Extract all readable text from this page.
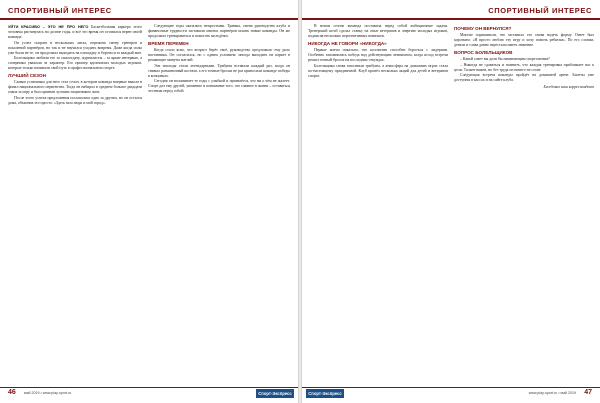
СПОРТИВНЫЙ ИНТЕРЕС

УЙТИ КРАСИВО – ЭТО НЕ ПРО НЕГО Баскетбольная карьера этого человека растянулась на долгие годы, и всё это время он оставался верен своей команде.

Он успел сыграть в нескольких лигах, пережить смену тренеров и поколений партнёров, но так и не научился уходить вовремя. Даже когда силы уже были не те, он продолжал выходить на площадку и бороться за каждый мяч.

Болельщики любили его за самоотдачу, журналисты – за яркие интервью, а соперники уважали за характер. Его пример вдохновлял молодых игроков, которые только начинали свой путь в профессиональном спорте.

ЛУЧШИЙ СЕЗОН

Самым успешным для него стал сезон, в котором команда впервые вышла в финал национального первенства. Тогда он набирал в среднем больше двадцати очков за игру и был признан лучшим защитником лиги.

После этого успеха предложения посыпались одно за другим, но он остался дома, объяснив это просто: «Здесь мои люди и мой город».

Следующие годы оказались непростыми. Травмы, смена руководства клуба и финансовые трудности заставили многих партнёров искать новые команды. Он же продолжал тренироваться и помогать молодёжи.

ВРЕМЯ ПЕРЕМЕН

Когда стало ясно, что возраст берёт своё, руководство предложило ему роль наставника. Он согласился, но с одним условием: иногда выходить на паркет в решающие минуты матчей.

Эти эпизоды стали легендарными. Трибуны вставали каждый раз, когда он снимал разминочный костюм, а его точные броски не раз приносили команде победы в концовках.

Сегодня он вспоминает те годы с улыбкой и признаётся, что ни о чём не жалеет. Спорт дал ему друзей, уважение и понимание того, что главное в жизни – оставаться честным перед собой.

46 май 2019 • www.play-sport.ru	Спорт-Экспресс
СПОРТИВНЫЙ ИНТЕРЕС

В новом сезоне команда поставила перед собой амбициозные задачи. Тренерский штаб сделал ставку на опыт ветеранов и энергию молодых игроков, подписав несколько перспективных новичков.

НИКОГДА НЕ ГОВОРИ «НИКОГДА»

Первые матчи показали, что коллектив способен бороться с лидерами. Особенно запомнилась победа над действующим чемпионом, когда исход встречи решил точный бросок на последних секундах.

Болельщики снова заполнили трибуны, а атмосфера на домашних играх стала по-настоящему праздничной. Клуб провёл несколько акций для детей и ветеранов спорта.

ПОЧЕМУ ОН ВЕРНУЛСЯ?

Многие спрашивали, что заставило его снова надеть форму. Ответ был коротким: «Я просто люблю эту игру и хочу помочь ребятам». По его словам, деньги и слава давно перестали иметь значение.

ВОПРОС БОЛЕЛЬЩИКОВ

– Какой совет вы дали бы начинающим спортсменам?

– Никогда не сдаваться и помнить, что каждая тренировка приближает вас к цели. Талант важен, но без труда он ничего не стоит.

Следующая встреча команды пройдёт на домашней арене. Билеты уже доступны в кассах и на сайте клуба.

Беседовал наш корреспондент

Спорт-Экспресс	www.play-sport.ru • май 2019 47
